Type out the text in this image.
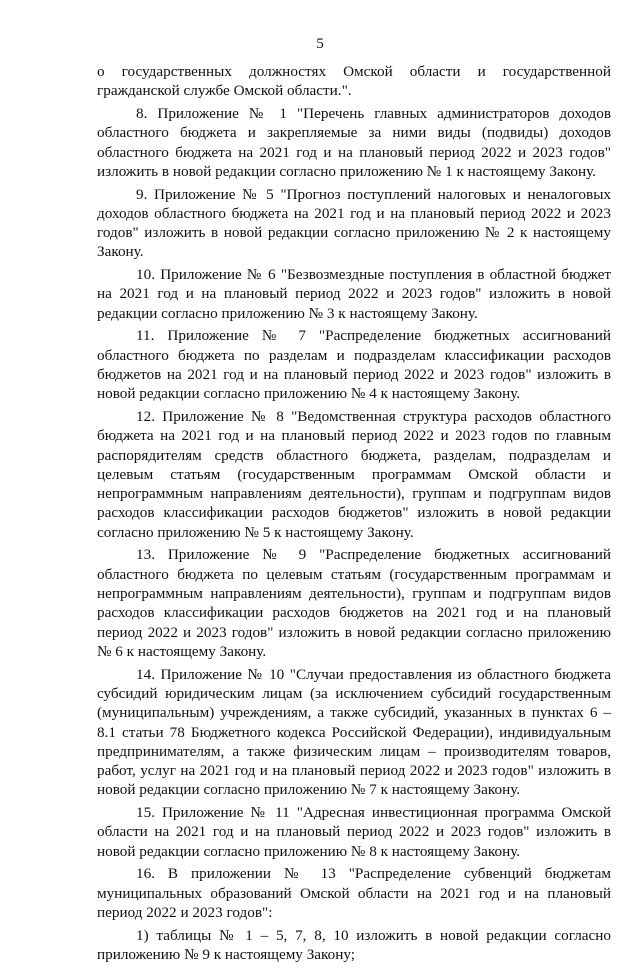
5

о государственных должностях Омской области и государственной гражданской службе Омской области.".

8. Приложение № 1 "Перечень главных администраторов доходов областного бюджета и закрепляемые за ними виды (подвиды) доходов областного бюджета на 2021 год и на плановый период 2022 и 2023 годов" изложить в новой редакции согласно приложению № 1 к настоящему Закону.

9. Приложение № 5 "Прогноз поступлений налоговых и неналоговых доходов областного бюджета на 2021 год и на плановый период 2022 и 2023 годов" изложить в новой редакции согласно приложению № 2 к настоящему Закону.

10. Приложение № 6 "Безвозмездные поступления в областной бюджет на 2021 год и на плановый период 2022 и 2023 годов" изложить в новой редакции согласно приложению № 3 к настоящему Закону.

11. Приложение № 7 "Распределение бюджетных ассигнований областного бюджета по разделам и подразделам классификации расходов бюджетов на 2021 год и на плановый период 2022 и 2023 годов" изложить в новой редакции согласно приложению № 4 к настоящему Закону.

12. Приложение № 8 "Ведомственная структура расходов областного бюджета на 2021 год и на плановый период 2022 и 2023 годов по главным распорядителям средств областного бюджета, разделам, подразделам и целевым статьям (государственным программам Омской области и непрограммным направлениям деятельности), группам и подгруппам видов расходов классификации расходов бюджетов" изложить в новой редакции согласно приложению № 5 к настоящему Закону.

13. Приложение № 9 "Распределение бюджетных ассигнований областного бюджета по целевым статьям (государственным программам и непрограммным направлениям деятельности), группам и подгруппам видов расходов классификации расходов бюджетов на 2021 год и на плановый период 2022 и 2023 годов" изложить в новой редакции согласно приложению № 6 к настоящему Закону.

14. Приложение № 10 "Случаи предоставления из областного бюджета субсидий юридическим лицам (за исключением субсидий государственным (муниципальным) учреждениям, а также субсидий, указанных в пунктах 6 – 8.1 статьи 78 Бюджетного кодекса Российской Федерации), индивидуальным предпринимателям, а также физическим лицам – производителям товаров, работ, услуг на 2021 год и на плановый период 2022 и 2023 годов" изложить в новой редакции согласно приложению № 7 к настоящему Закону.

15. Приложение № 11 "Адресная инвестиционная программа Омской области на 2021 год и на плановый период 2022 и 2023 годов" изложить в новой редакции согласно приложению № 8 к настоящему Закону.

16. В приложении № 13 "Распределение субвенций бюджетам муниципальных образований Омской области на 2021 год и на плановый период 2022 и 2023 годов":

1) таблицы № 1 – 5, 7, 8, 10 изложить в новой редакции согласно приложению № 9 к настоящему Закону;
